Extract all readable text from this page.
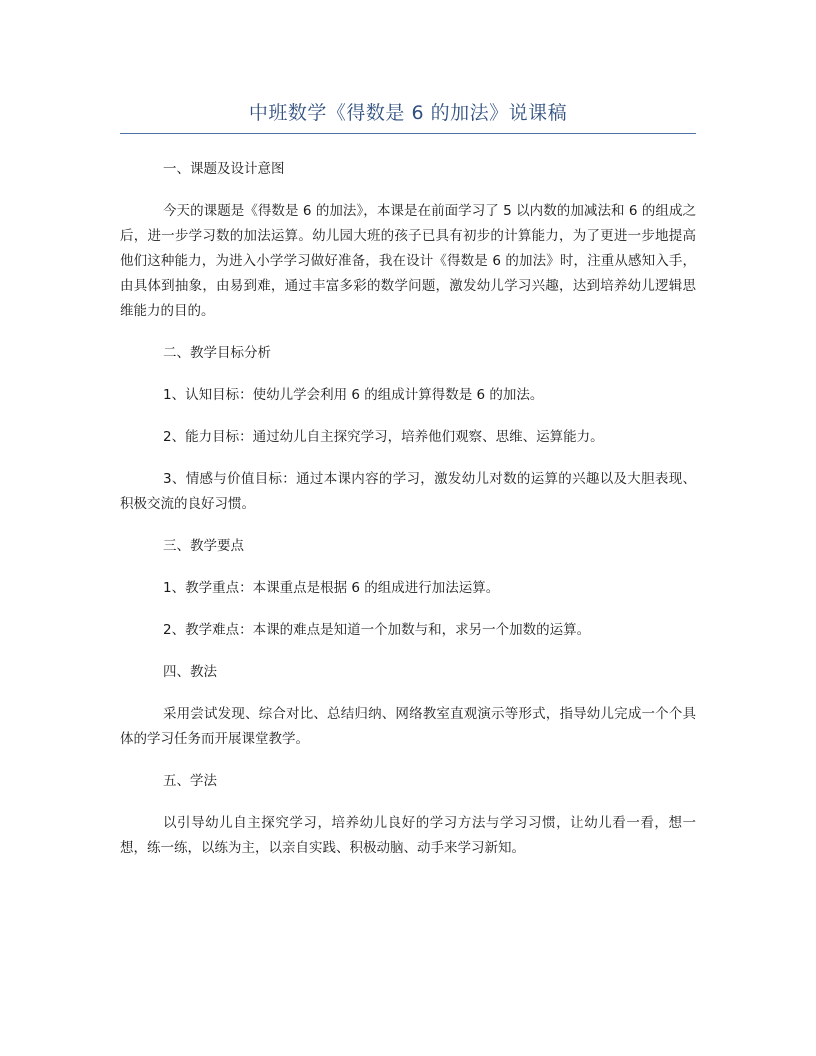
中班数学《得数是 6 的加法》说课稿

一、课题及设计意图

今天的课题是《得数是 6 的加法》，本课是在前面学习了 5 以内数的加减法和 6 的组成之后，进一步学习数的加法运算。幼儿园大班的孩子已具有初步的计算能力，为了更进一步地提高他们这种能力，为进入小学学习做好准备，我在设计《得数是 6 的加法》时，注重从感知入手，由具体到抽象，由易到难，通过丰富多彩的数学问题，激发幼儿学习兴趣，达到培养幼儿逻辑思维能力的目的。

二、教学目标分析

1、认知目标：使幼儿学会利用 6 的组成计算得数是 6 的加法。

2、能力目标：通过幼儿自主探究学习，培养他们观察、思维、运算能力。

3、情感与价值目标：通过本课内容的学习，激发幼儿对数的运算的兴趣以及大胆表现、积极交流的良好习惯。

三、教学要点

1、教学重点：本课重点是根据 6 的组成进行加法运算。

2、教学难点：本课的难点是知道一个加数与和，求另一个加数的运算。

四、教法

采用尝试发现、综合对比、总结归纳、网络教室直观演示等形式，指导幼儿完成一个个具体的学习任务而开展课堂教学。

五、学法

以引导幼儿自主探究学习，培养幼儿良好的学习方法与学习习惯，让幼儿看一看，想一想，练一练，以练为主，以亲自实践、积极动脑、动手来学习新知。
